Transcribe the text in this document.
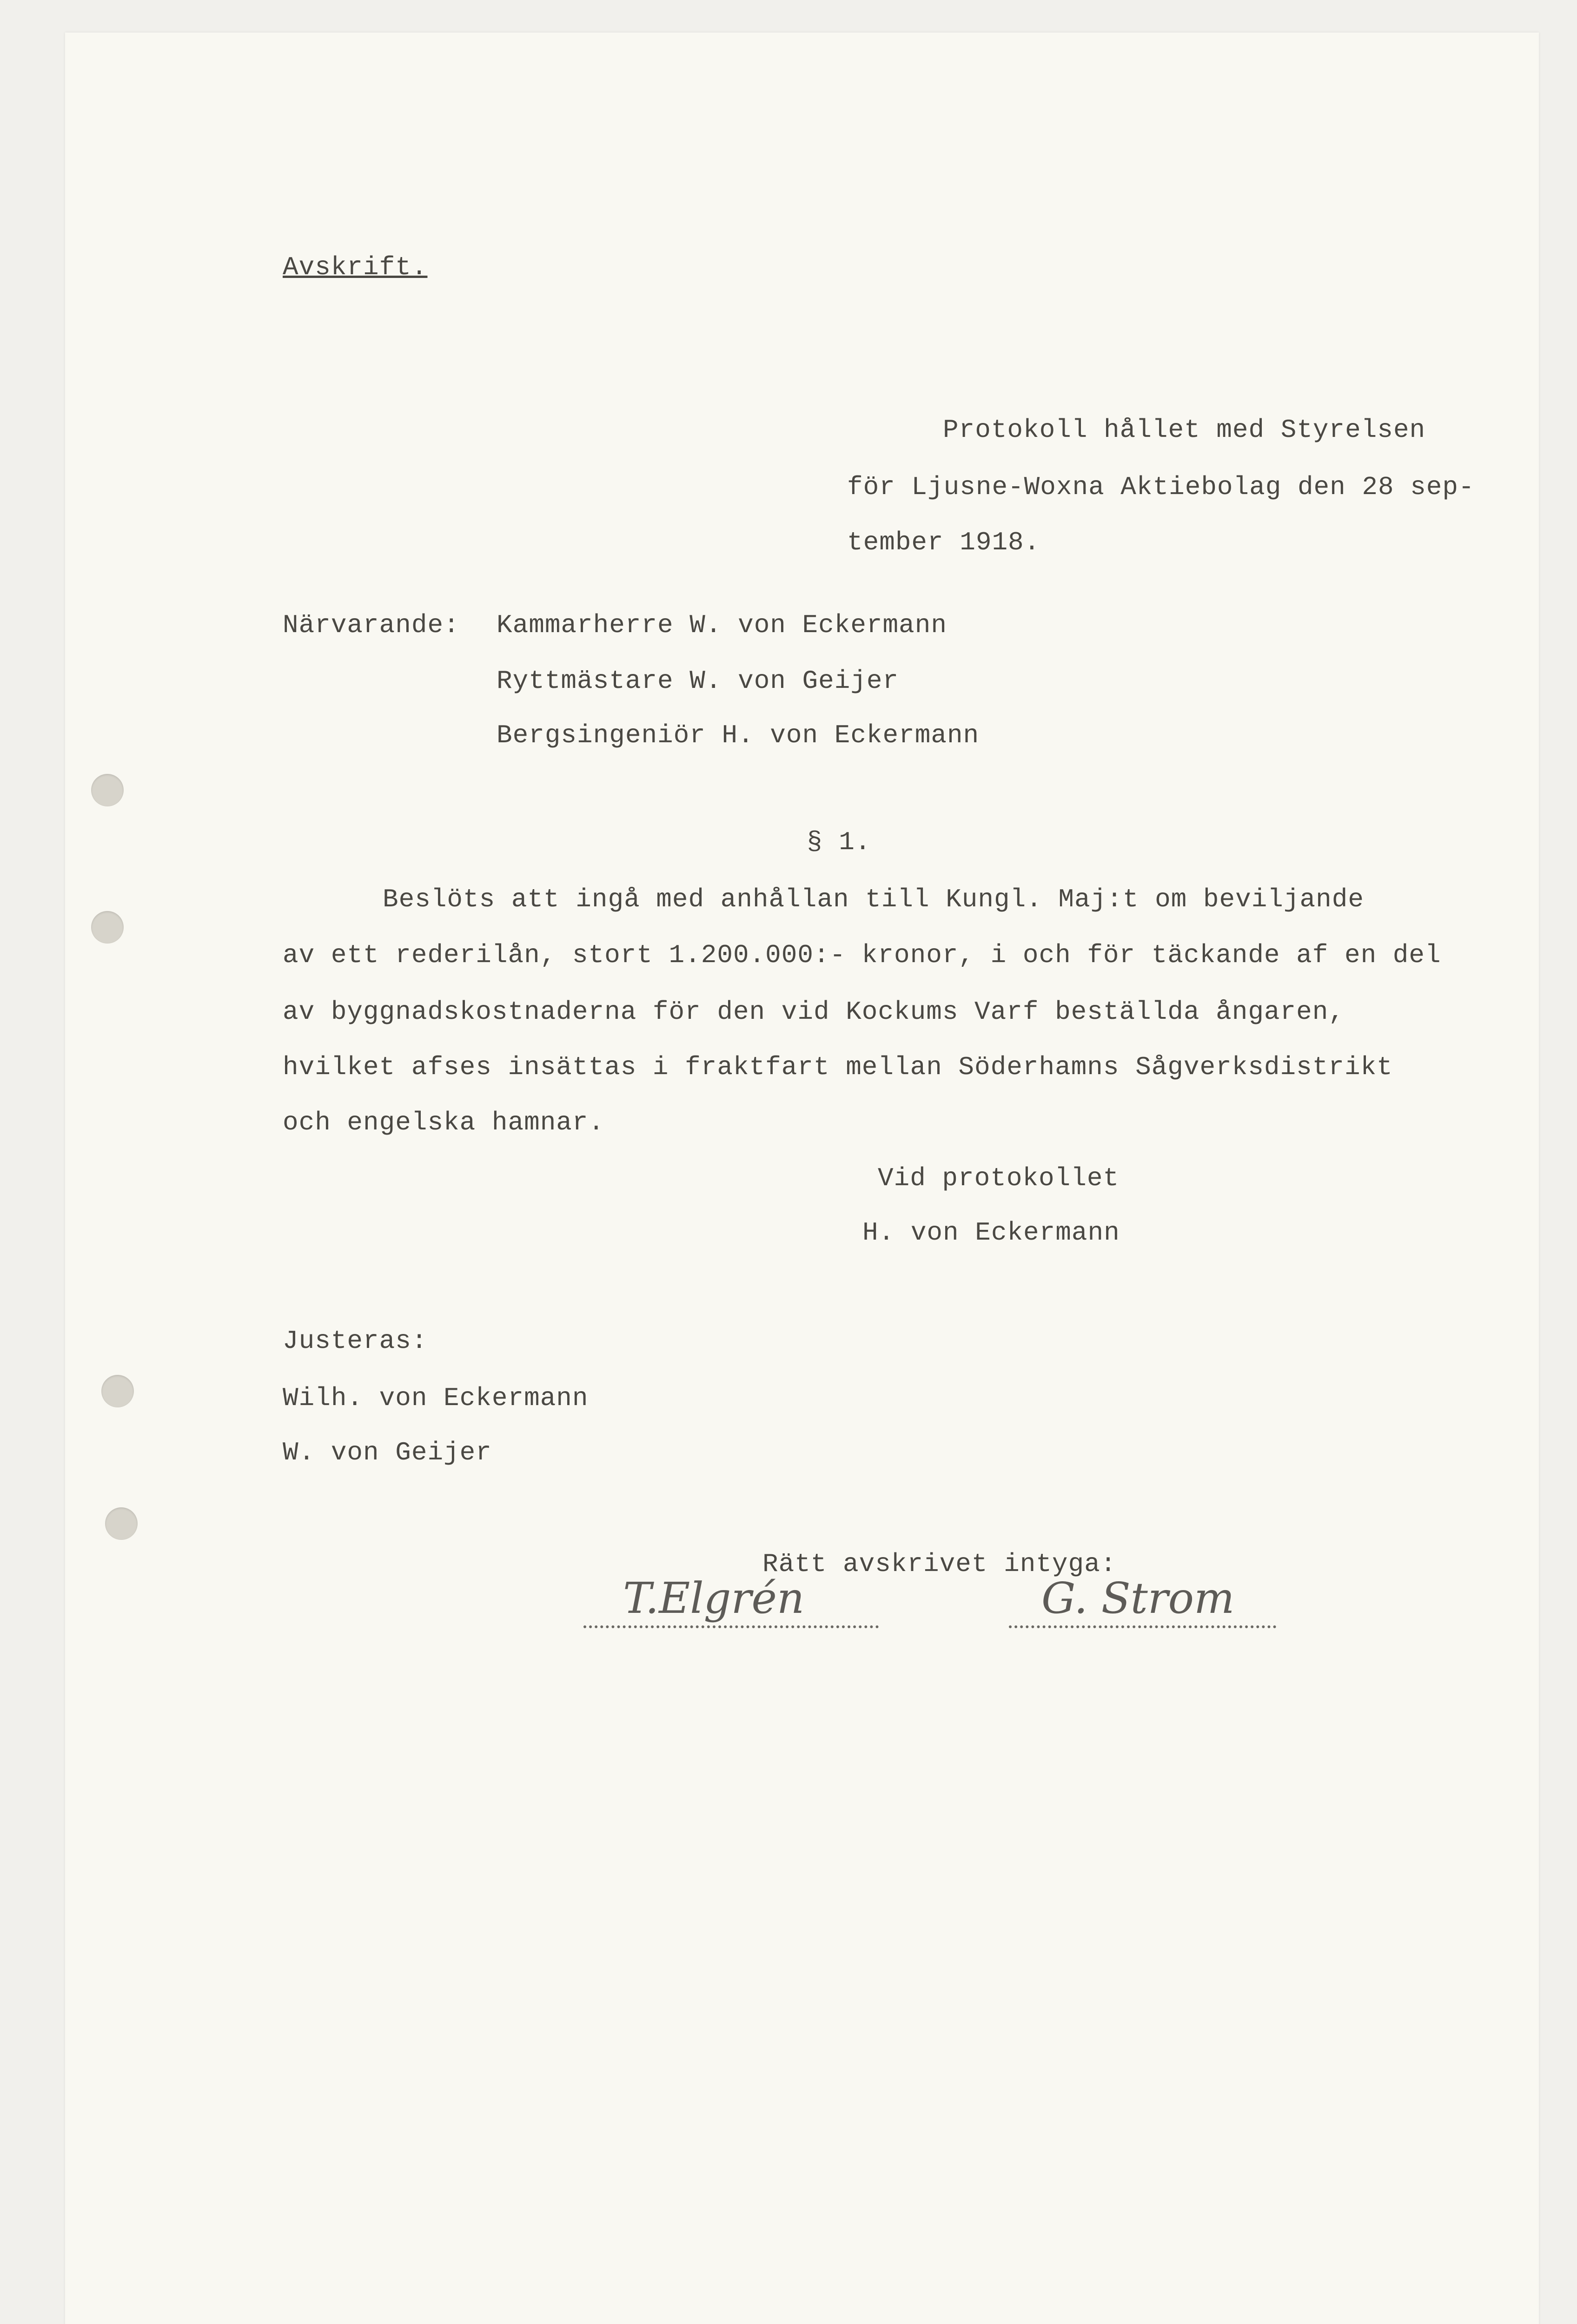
Avskrift.

Protokoll hållet med Styrelsen

för Ljusne-Woxna Aktiebolag den 28 sep-

tember 1918.

Närvarande: Kammarherre W. von Eckermann

Ryttmästare W. von Geijer

Bergsingeniör H. von Eckermann

§ 1.

Beslöts att ingå med anhållan till Kungl. Maj:t om beviljande

av ett rederilån, stort 1.200.000:- kronor, i och för täckande af en del

av byggnadskostnaderna för den vid Kockums Varf beställda ångaren,

hvilket afses insättas i fraktfart mellan Söderhamns Sågverksdistrikt

och engelska hamnar.

Vid protokollet

H. von Eckermann

Justeras:

Wilh. von Eckermann

W. von Geijer

Rätt avskrivet intyga:

T.Elgrén	G. Strom
